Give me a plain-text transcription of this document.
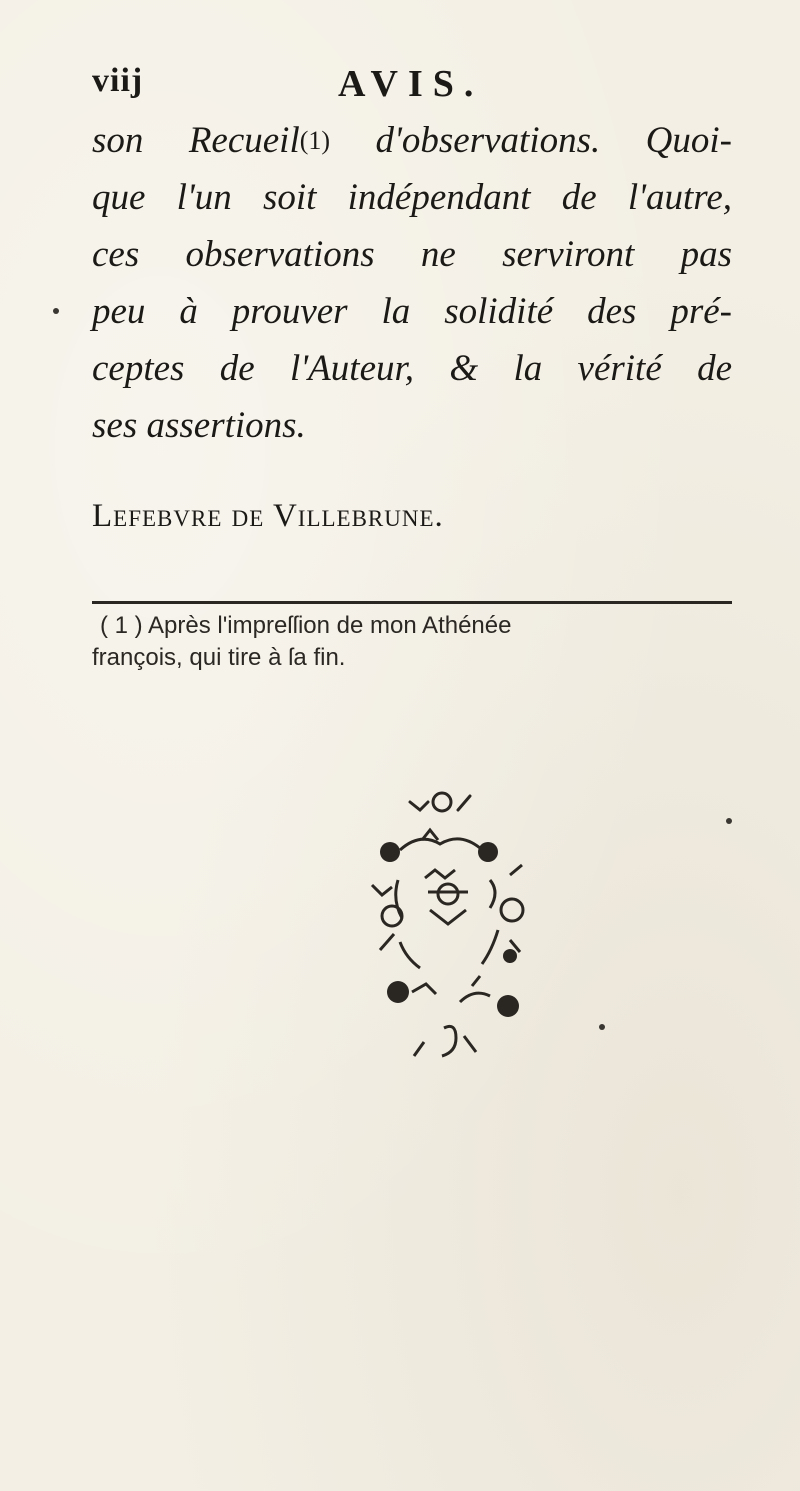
viij	AVIS.
son Recueil(1) d'observations. Quoi-
que l'un soit indépendant de l'autre,
ces observations ne serviront pas
peu à prouver la solidité des pré-
ceptes de l'Auteur, & la vérité de
ses assertions.
Lefebvre de Villebrune.
( 1 ) Après l'impreſſion de mon Athénée
françois, qui tire à ſa fin.
